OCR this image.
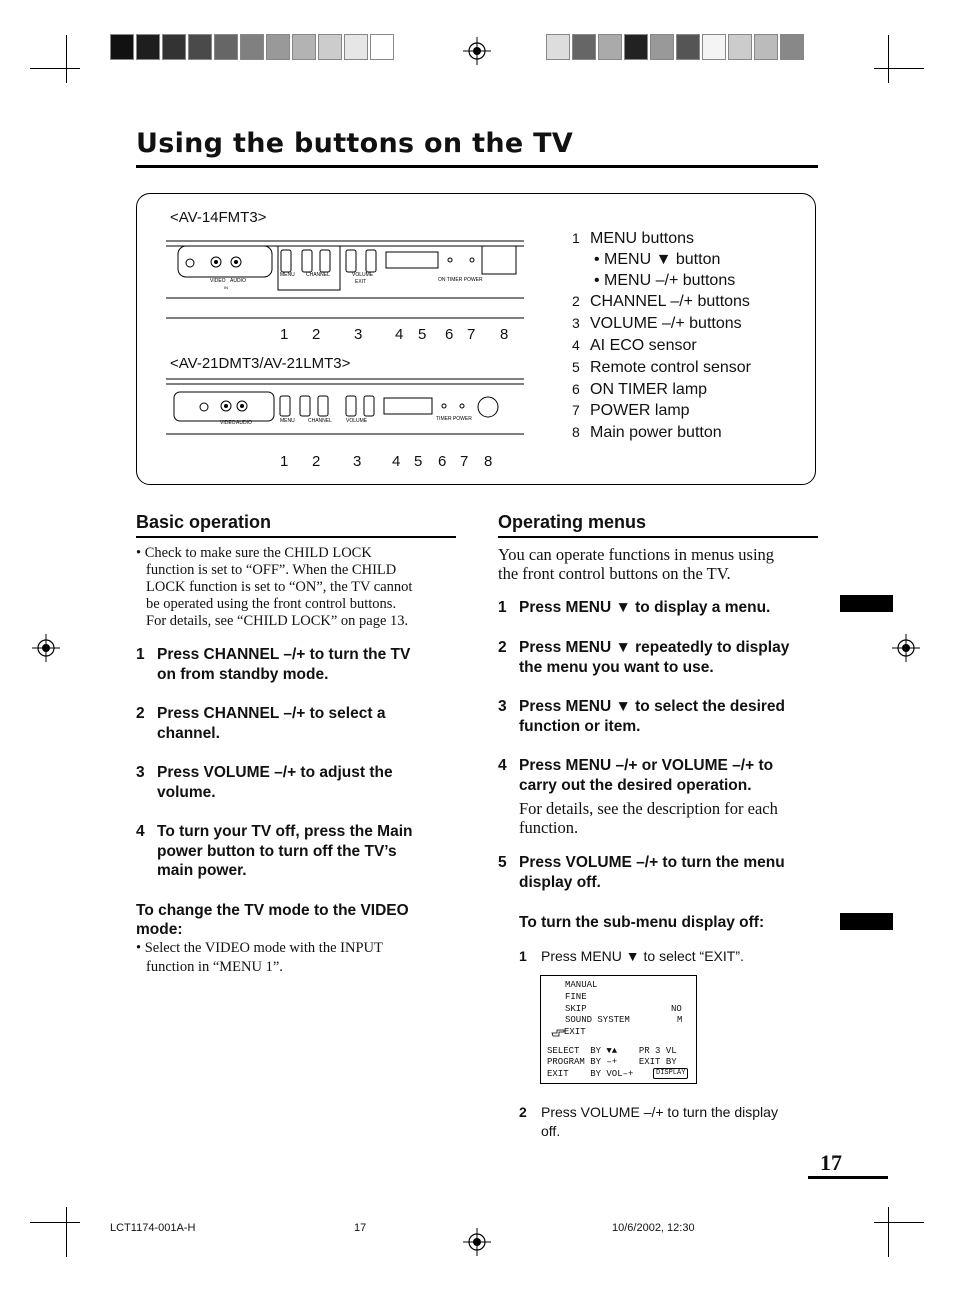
Using the buttons on the TV
<AV-14FMT3>
<AV-21DMT3/AV-21LMT3>
VIDEO AUDIO
IN
MENU CHANNEL	VOLUME
EXIT	ON TIMER POWER
1 2 3 4 5 6 7 8
VIDEO AUDIO	MENU	CHANNEL	VOLUME	TIMER POWER
1 2 3 4 5 6 7 8
1 MENU buttons
• MENU ▼ button
• MENU –/+ buttons
2 CHANNEL –/+ buttons
3 VOLUME –/+ buttons
4 AI ECO sensor
5 Remote control sensor
6 ON TIMER lamp
7 POWER lamp
8 Main power button
Basic operation
• Check to make sure the CHILD LOCK
function is set to “OFF”. When the CHILD
LOCK function is set to “ON”, the TV cannot
be operated using the front control buttons.
For details, see “CHILD LOCK” on page 13.
1 Press CHANNEL –/+ to turn the TV
on from standby mode.
2 Press CHANNEL –/+ to select a
channel.
3 Press VOLUME –/+ to adjust the
volume.
4 To turn your TV off, press the Main
power button to turn off the TV’s
main power.
To change the TV mode to the VIDEO
mode:
• Select the VIDEO mode with the INPUT
function in “MENU 1”.
Operating menus
You can operate functions in menus using
the front control buttons on the TV.
1 Press MENU ▼ to display a menu.
2 Press MENU ▼ repeatedly to display
the menu you want to use.
3 Press MENU ▼ to select the desired
function or item.
4 Press MENU –/+ or VOLUME –/+ to
carry out the desired operation.
5 Press VOLUME –/+ to turn the menu
display off.
For details, see the description for each
function.
To turn the sub-menu display off:
1 Press MENU ▼ to select “EXIT”.
MANUAL
FINE
SKIP	NO
SOUND SYSTEM	M
EXIT
SELECT  BY ▼▲    PR 3 VL
PROGRAM BY –+    EXIT BY
EXIT    BY VOL–+	DISPLAY
2 Press VOLUME –/+ to turn the display
off.
17
LCT1174-001A-H	17	10/6/2002, 12:30
